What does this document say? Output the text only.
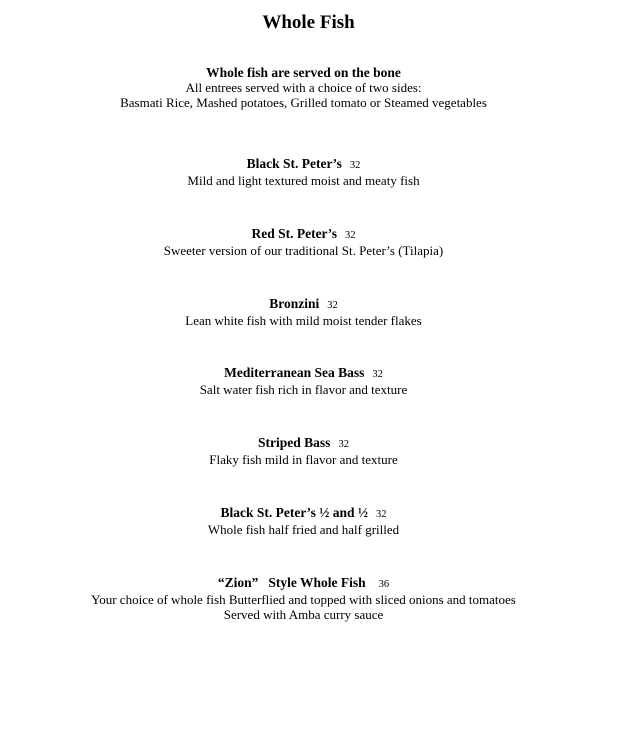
Whole Fish
Whole fish are served on the bone
All entrees served with a choice of two sides:
Basmati Rice, Mashed potatoes, Grilled tomato or Steamed vegetables
Black St. Peter’s 32
Mild and light textured moist and meaty fish
Red St. Peter’s 32
Sweeter version of our traditional St. Peter’s (Tilapia)
Bronzini 32
Lean white fish with mild moist tender flakes
Mediterranean Sea Bass 32
Salt water fish rich in flavor and texture
Striped Bass 32
Flaky fish mild in flavor and texture
Black St. Peter’s ½ and ½ 32
Whole fish half fried and half grilled
“Zion” Style Whole Fish 36
Your choice of whole fish Butterflied and topped with sliced onions and tomatoes
Served with Amba curry sauce
